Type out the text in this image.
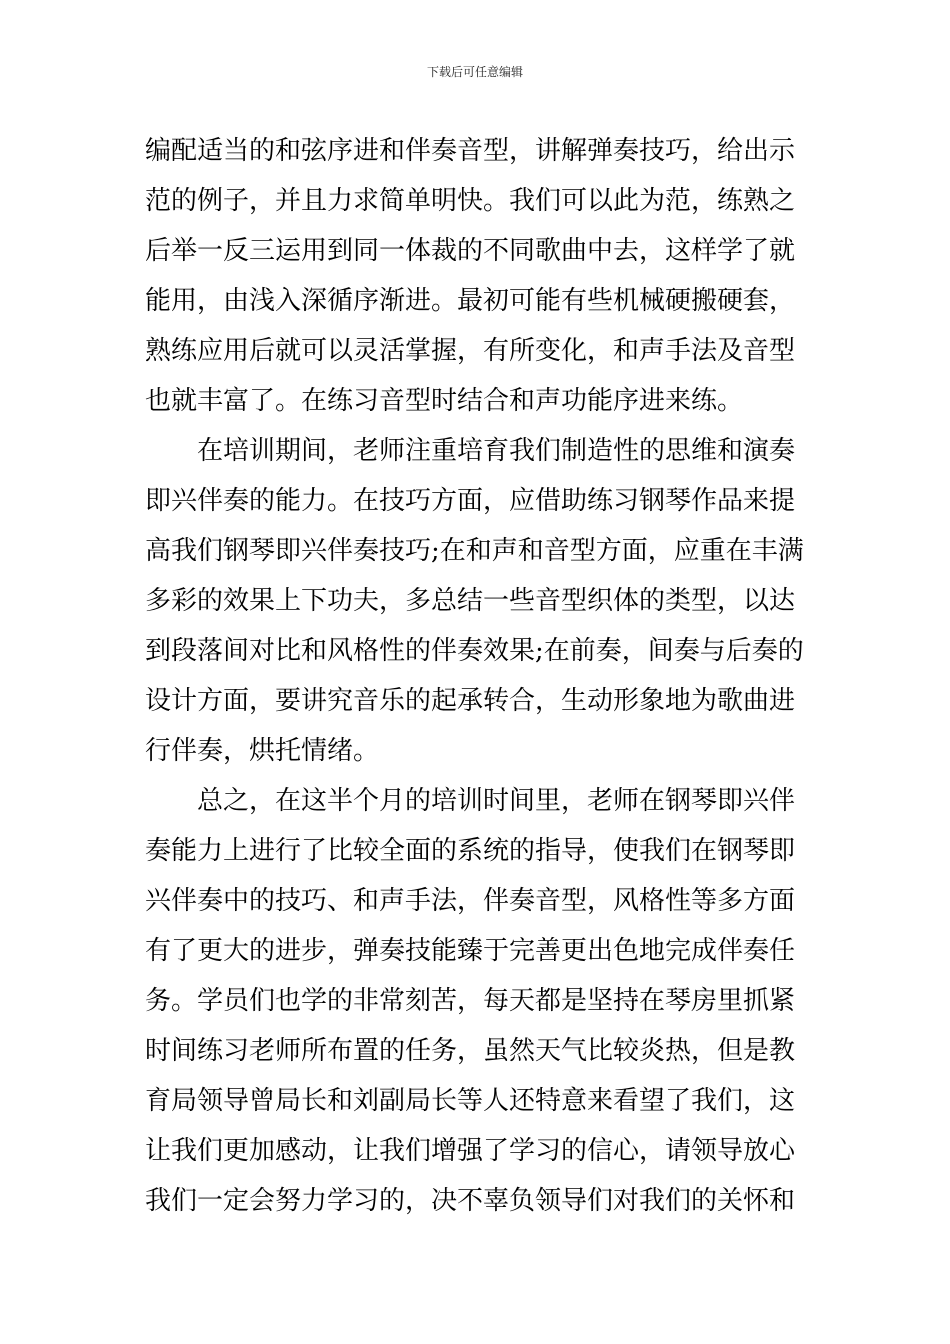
下载后可任意编辑
编配适当的和弦序进和伴奏音型，讲解弹奏技巧，给出示
范的例子，并且力求简单明快。我们可以此为范，练熟之
后举一反三运用到同一体裁的不同歌曲中去，这样学了就
能用，由浅入深循序渐进。最初可能有些机械硬搬硬套，
熟练应用后就可以灵活掌握，有所变化，和声手法及音型
也就丰富了。在练习音型时结合和声功能序进来练。
在培训期间，老师注重培育我们制造性的思维和演奏
即兴伴奏的能力。在技巧方面，应借助练习钢琴作品来提
高我们钢琴即兴伴奏技巧;在和声和音型方面，应重在丰满
多彩的效果上下功夫，多总结一些音型织体的类型，以达
到段落间对比和风格性的伴奏效果;在前奏，间奏与后奏的
设计方面，要讲究音乐的起承转合，生动形象地为歌曲进
行伴奏，烘托情绪。
总之，在这半个月的培训时间里，老师在钢琴即兴伴
奏能力上进行了比较全面的系统的指导，使我们在钢琴即
兴伴奏中的技巧、和声手法，伴奏音型，风格性等多方面
有了更大的进步，弹奏技能臻于完善更出色地完成伴奏任
务。学员们也学的非常刻苦，每天都是坚持在琴房里抓紧
时间练习老师所布置的任务，虽然天气比较炎热，但是教
育局领导曾局长和刘副局长等人还特意来看望了我们，这
让我们更加感动，让我们增强了学习的信心，请领导放心
我们一定会努力学习的，决不辜负领导们对我们的关怀和
